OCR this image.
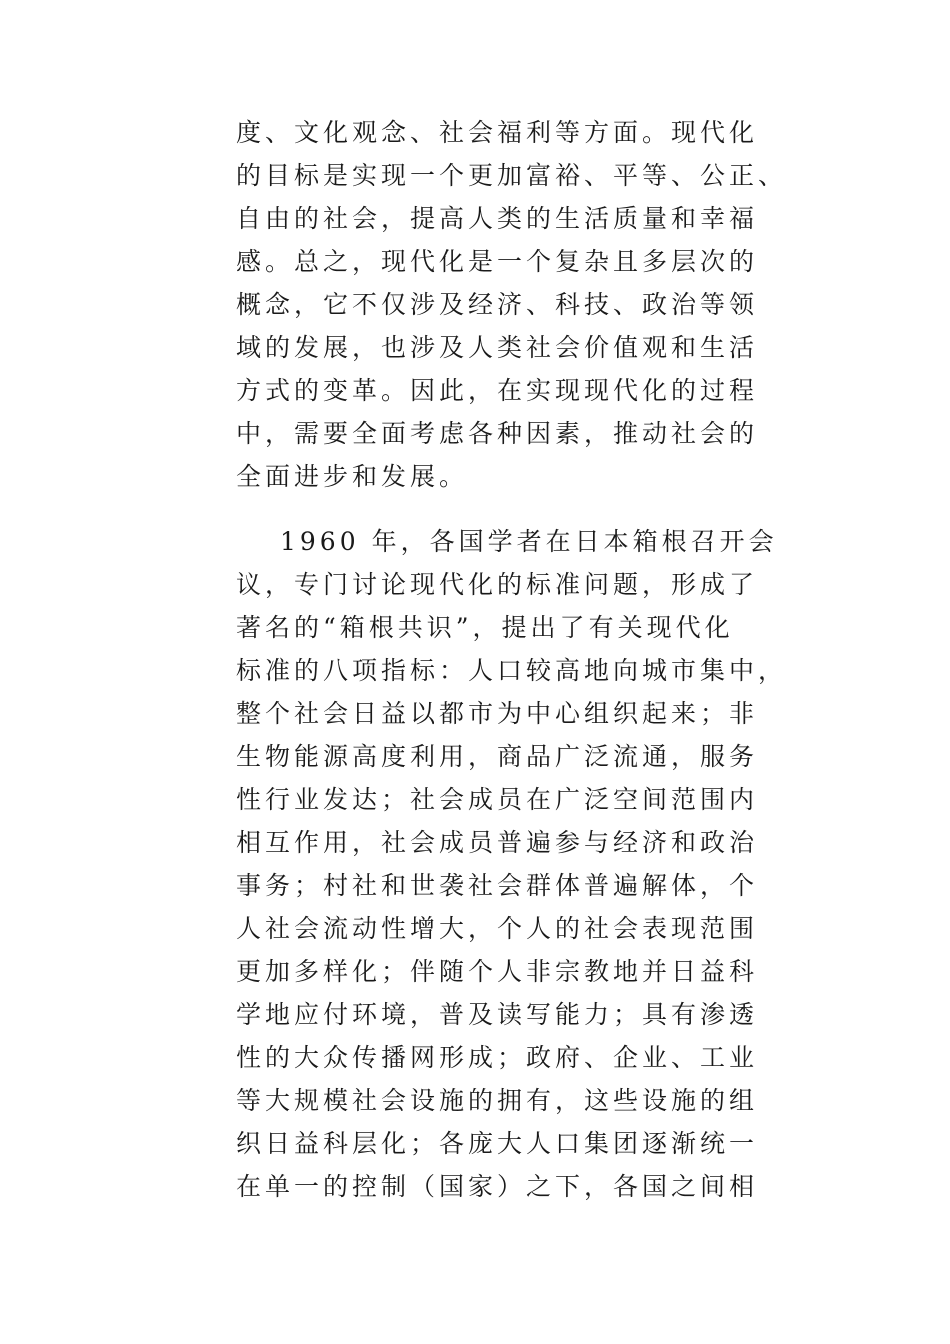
度、文化观念、社会福利等方面。现代化
的目标是实现一个更加富裕、平等、公正、
自由的社会，提高人类的生活质量和幸福
感。总之，现代化是一个复杂且多层次的
概念，它不仅涉及经济、科技、政治等领
域的发展，也涉及人类社会价值观和生活
方式的变革。因此，在实现现代化的过程
中，需要全面考虑各种因素，推动社会的
全面进步和发展。
1960 年，各国学者在日本箱根召开会
议，专门讨论现代化的标准问题，形成了
著名的“箱根共识”，提出了有关现代化
标准的八项指标：人口较高地向城市集中，
整个社会日益以都市为中心组织起来；非
生物能源高度利用，商品广泛流通，服务
性行业发达；社会成员在广泛空间范围内
相互作用，社会成员普遍参与经济和政治
事务；村社和世袭社会群体普遍解体，个
人社会流动性增大，个人的社会表现范围
更加多样化；伴随个人非宗教地并日益科
学地应付环境，普及读写能力；具有渗透
性的大众传播网形成；政府、企业、工业
等大规模社会设施的拥有，这些设施的组
织日益科层化；各庞大人口集团逐渐统一
在单一的控制（国家）之下，各国之间相
